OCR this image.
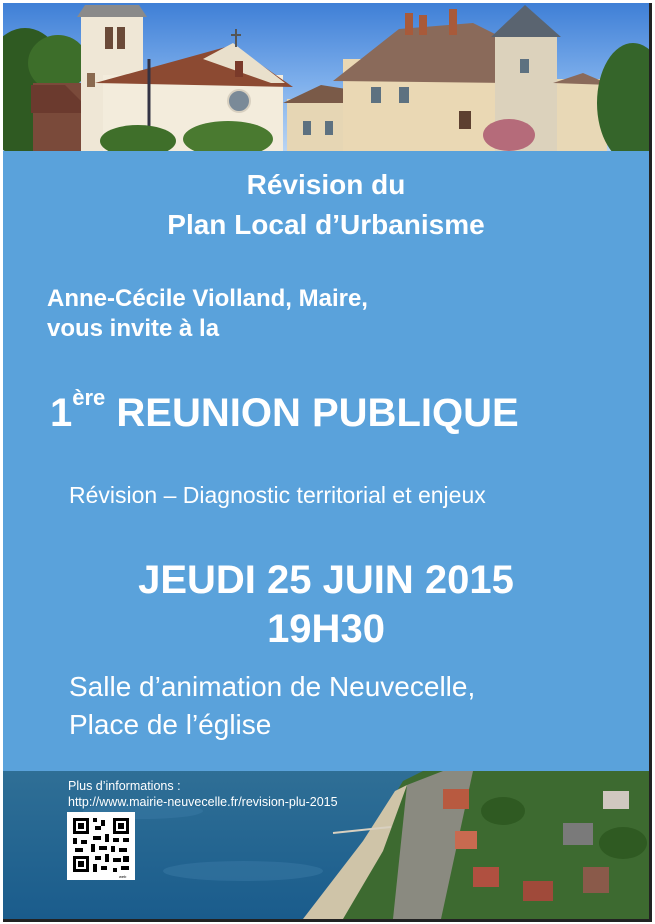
Révision du
Plan Local d’Urbanisme
Anne-Cécile Violland, Maire,
vous invite à la
1ère REUNION PUBLIQUE
Révision – Diagnostic territorial et enjeux
JEUDI 25 JUIN 2015
19H30
Salle d’animation de Neuvecelle,
Place de l’église
Plus d’informations :
http://www.mairie-neuvecelle.fr/revision-plu-2015
web
